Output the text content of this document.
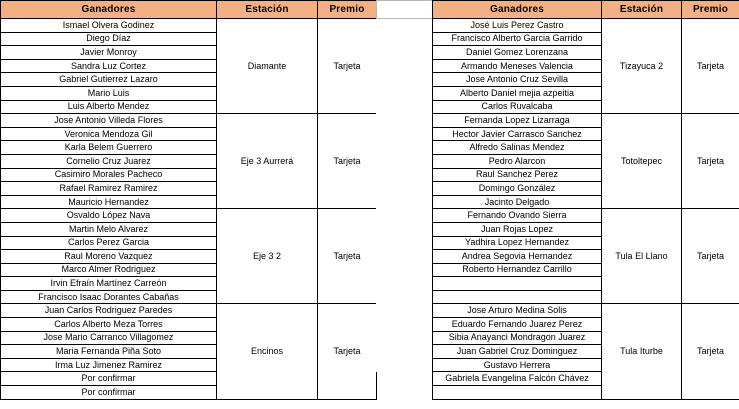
Ganadores	Estación	Premio
Ismael Olvera Godinez	Diamante	Tarjeta
Diego Díaz		
Javier Monroy		
Sandra Luz Cortez		
Gabriel Gutierrez Lazaro		
Mario Luis		
Luis Alberto Mendez		
Jose Antonio Villeda Flores	Eje 3 Aurrerá	Tarjeta
Veronica Mendoza Gil		
Karla Belem Guerrero		
Cornelio Cruz Juarez		
Casimiro Morales Pacheco		
Rafael Ramirez Ramirez		
Mauricio Hernandez		
Osvaldo López Nava	Eje 3 2	Tarjeta
Martin Melo Alvarez		
Carlos Perez Garcia		
Raul Moreno Vazquez		
Marco Almer Rodriguez		
Irvin Efraín Martínez Carreón		
Francisco Isaac Dorantes Cabañas		
Juan Carlos Rodriguez Paredes	Encinos	Tarjeta
Carlos Alberto Meza Torres		
Jose Mario Carranco Villagomez		
Maria Fernanda Piña Soto		
Irma Luz Jimenez Ramirez		
Por confirmar		
Por confirmar		

Ganadores	Estación	Premio
José Luis Perez Castro	Tizayuca 2	Tarjeta
Francisco Alberto Garcia Garrido		
Daniel Gomez Lorenzana		
Armando Meneses Valencia		
Jose Antonio Cruz Sevilla		
Alberto Daniel mejia azpeitia		
Carlos Ruvalcaba		
Fernanda Lopez Lizarraga	Totoltepec	Tarjeta
Hector Javier Carrasco Sanchez		
Alfredo Salinas Mendez		
Pedro Alarcon		
Raul Sanchez Perez		
Domingo González		
Jacinto Delgado		
Fernando Ovando Sierra	Tula El Llano	Tarjeta
Juan Rojas Lopez		
Yadhira Lopez Hernandez		
Andrea Segovia Hernandez		
Roberto Hernandez Carrillo		

Jose Arturo Medina Solis	Tula Iturbe	Tarjeta
Eduardo Fernando Juarez Perez		
Sibia Anayanci Mondragon Juarez		
Juan Gabriel Cruz Dominguez		
Gustavo Herrera		
Gabriela Evangelina Falcón Chávez		
